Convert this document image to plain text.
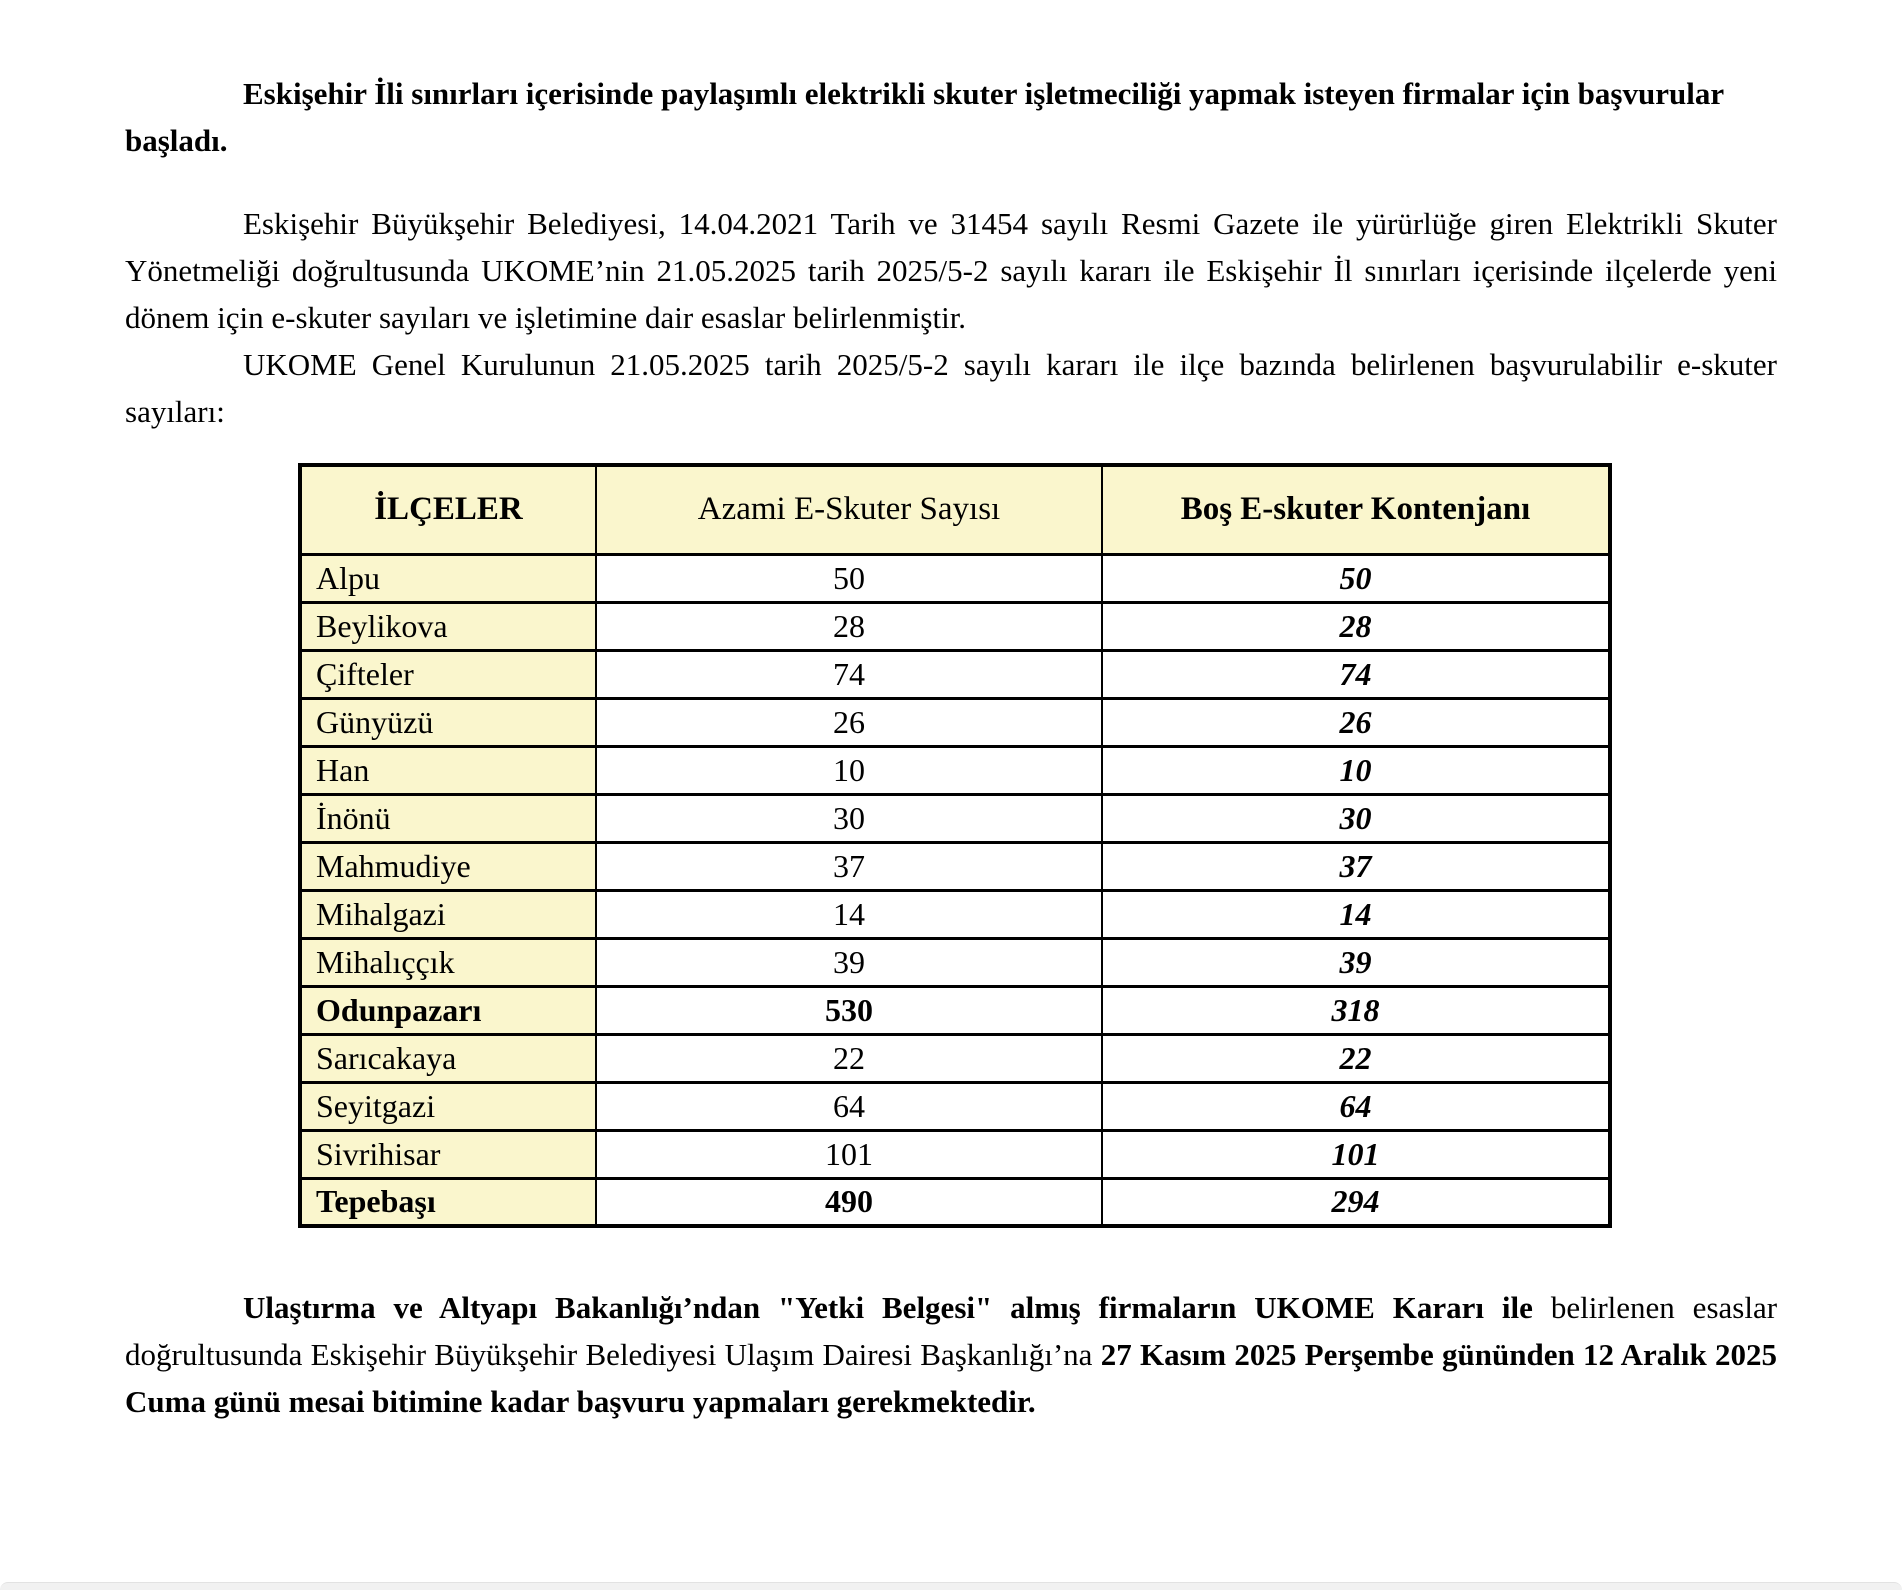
Eskişehir İli sınırları içerisinde paylaşımlı elektrikli skuter işletmeciliği yapmak isteyen firmalar için başvurular başladı.

Eskişehir Büyükşehir Belediyesi, 14.04.2021 Tarih ve 31454 sayılı Resmi Gazete ile yürürlüğe giren Elektrikli Skuter Yönetmeliği doğrultusunda UKOME’nin 21.05.2025 tarih 2025/5-2 sayılı kararı ile Eskişehir İl sınırları içerisinde ilçelerde yeni dönem için e-skuter sayıları ve işletimine dair esaslar belirlenmiştir.

UKOME Genel Kurulunun 21.05.2025 tarih 2025/5-2 sayılı kararı ile ilçe bazında belirlenen başvurulabilir e-skuter sayıları:

İLÇELER	Azami E-Skuter Sayısı	Boş E-skuter Kontenjanı
Alpu	50	50
Beylikova	28	28
Çifteler	74	74
Günyüzü	26	26
Han	10	10
İnönü	30	30
Mahmudiye	37	37
Mihalgazi	14	14
Mihalıççık	39	39
Odunpazarı	530	318
Sarıcakaya	22	22
Seyitgazi	64	64
Sivrihisar	101	101
Tepebaşı	490	294

Ulaştırma ve Altyapı Bakanlığı’ndan "Yetki Belgesi" almış firmaların UKOME Kararı ile belirlenen esaslar doğrultusunda Eskişehir Büyükşehir Belediyesi Ulaşım Dairesi Başkanlığı’na 27 Kasım 2025 Perşembe gününden 12 Aralık 2025 Cuma günü mesai bitimine kadar başvuru yapmaları gerekmektedir.
